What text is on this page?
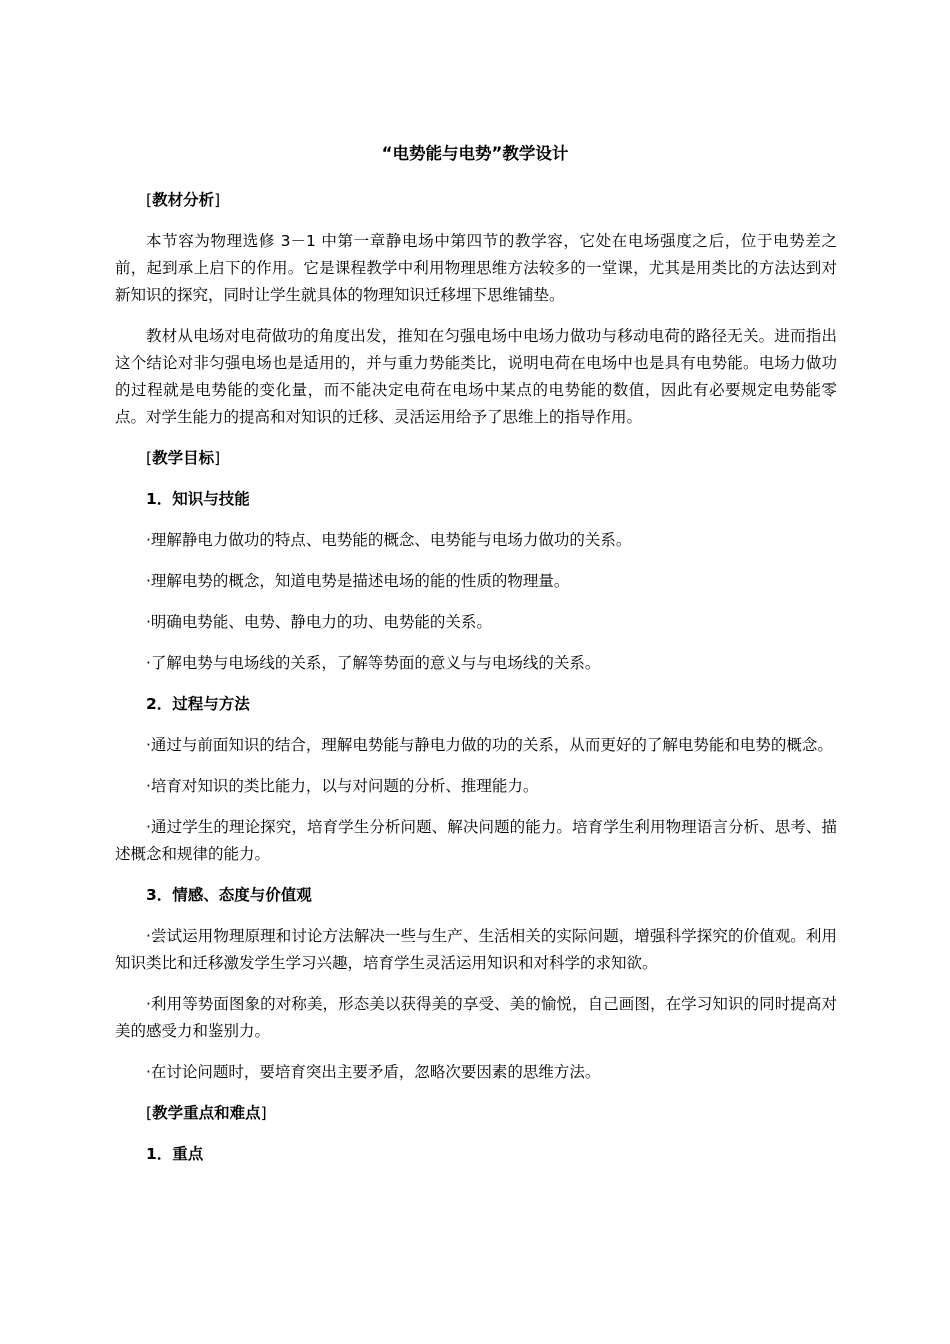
“电势能与电势”教学设计

[教材分析]

本节容为物理选修 3－1 中第一章静电场中第四节的教学容，它处在电场强度之后，位于电势差之前，起到承上启下的作用。它是课程教学中利用物理思维方法较多的一堂课，尤其是用类比的方法达到对新知识的探究，同时让学生就具体的物理知识迁移埋下思维铺垫。

教材从电场对电荷做功的角度出发，推知在匀强电场中电场力做功与移动电荷的路径无关。进而指出这个结论对非匀强电场也是适用的，并与重力势能类比，说明电荷在电场中也是具有电势能。电场力做功的过程就是电势能的变化量，而不能决定电荷在电场中某点的电势能的数值，因此有必要规定电势能零点。对学生能力的提高和对知识的迁移、灵活运用给予了思维上的指导作用。

[教学目标]

1．知识与技能

·理解静电力做功的特点、电势能的概念、电势能与电场力做功的关系。

·理解电势的概念，知道电势是描述电场的能的性质的物理量。

·明确电势能、电势、静电力的功、电势能的关系。

·了解电势与电场线的关系，了解等势面的意义与与电场线的关系。

2．过程与方法

·通过与前面知识的结合，理解电势能与静电力做的功的关系，从而更好的了解电势能和电势的概念。

·培育对知识的类比能力，以与对问题的分析、推理能力。

·通过学生的理论探究，培育学生分析问题、解决问题的能力。培育学生利用物理语言分析、思考、描述概念和规律的能力。

3．情感、态度与价值观

·尝试运用物理原理和讨论方法解决一些与生产、生活相关的实际问题，增强科学探究的价值观。利用知识类比和迁移激发学生学习兴趣，培育学生灵活运用知识和对科学的求知欲。

·利用等势面图象的对称美，形态美以获得美的享受、美的愉悦，自己画图，在学习知识的同时提高对美的感受力和鉴别力。

·在讨论问题时，要培育突出主要矛盾，忽略次要因素的思维方法。

[教学重点和难点]

1．重点
